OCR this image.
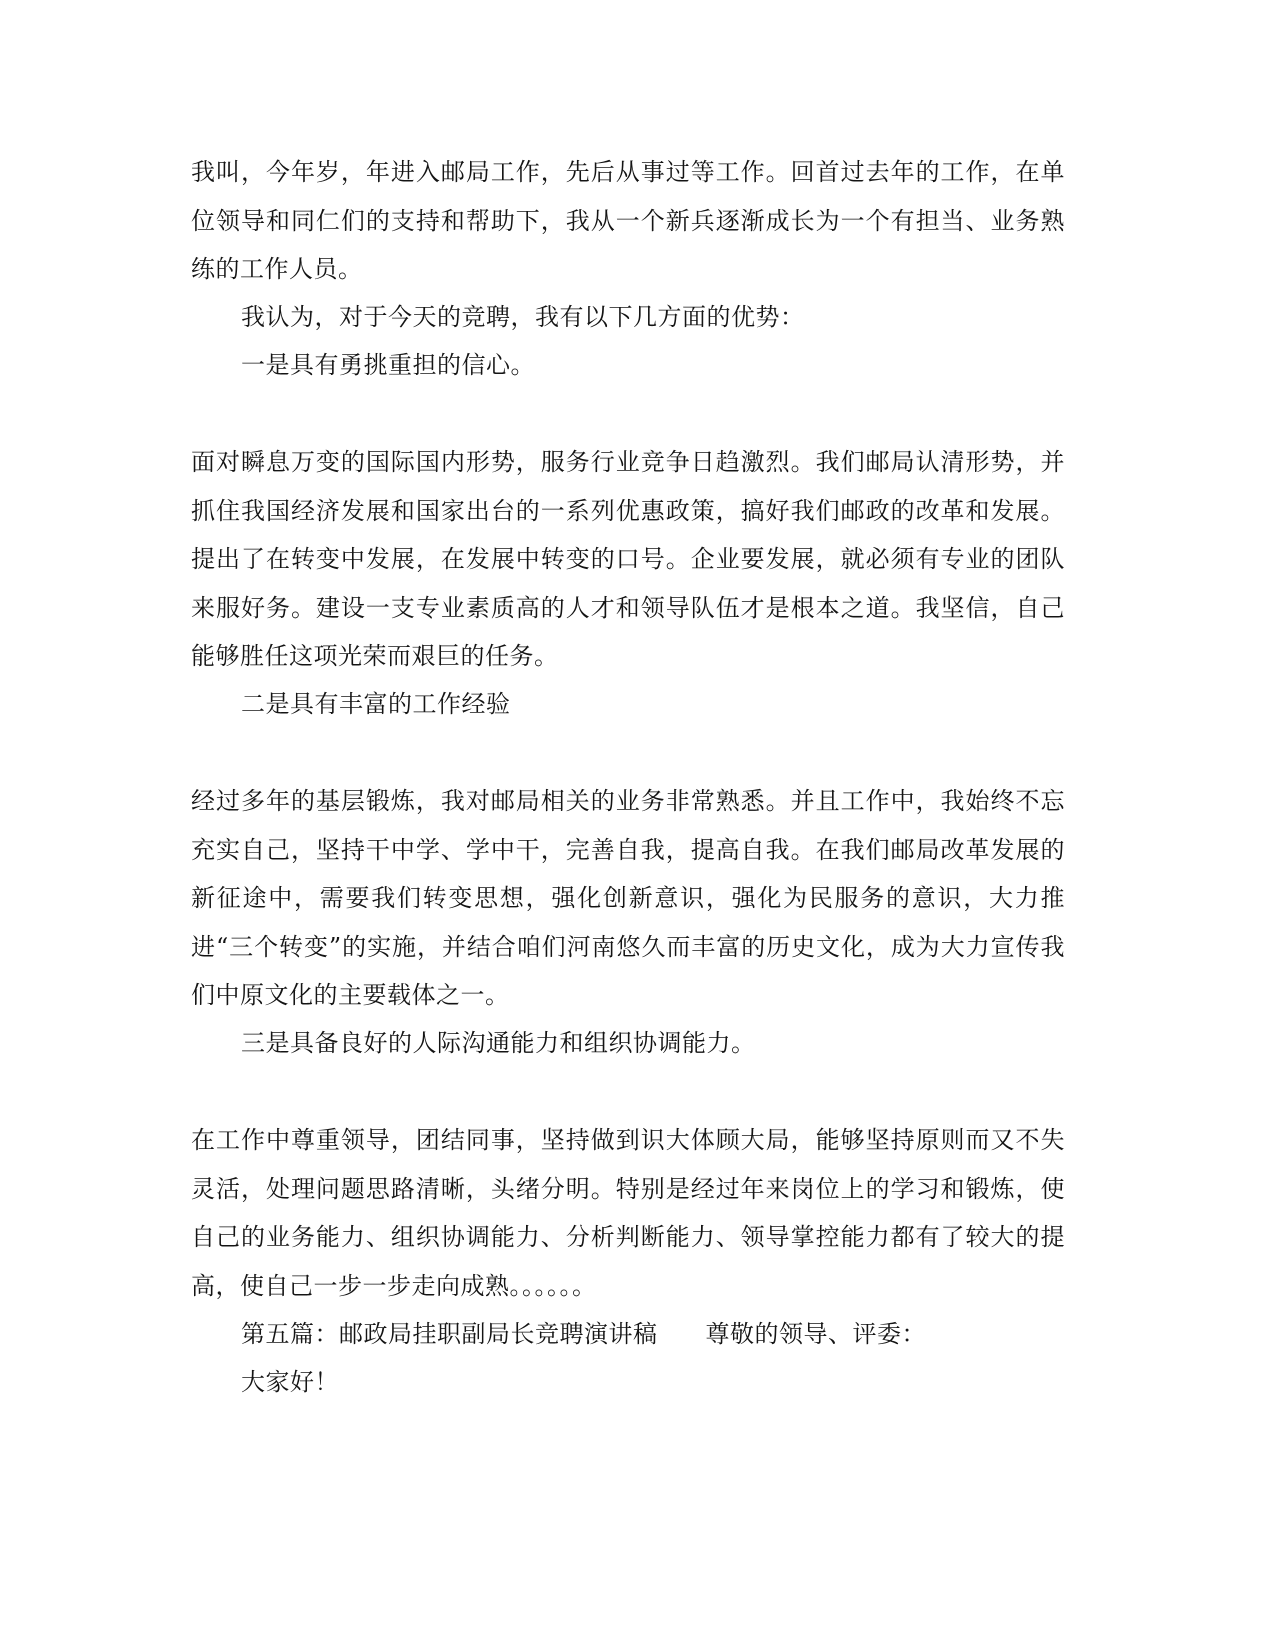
我叫，今年岁，年进入邮局工作，先后从事过等工作。回首过去年的工作，在单位领导和同仁们的支持和帮助下，我从一个新兵逐渐成长为一个有担当、业务熟练的工作人员。

我认为，对于今天的竞聘，我有以下几方面的优势：

一是具有勇挑重担的信心。

面对瞬息万变的国际国内形势，服务行业竞争日趋激烈。我们邮局认清形势，并抓住我国经济发展和国家出台的一系列优惠政策，搞好我们邮政的改革和发展。提出了在转变中发展，在发展中转变的口号。企业要发展，就必须有专业的团队来服好务。建设一支专业素质高的人才和领导队伍才是根本之道。我坚信，自己能够胜任这项光荣而艰巨的任务。

二是具有丰富的工作经验

经过多年的基层锻炼，我对邮局相关的业务非常熟悉。并且工作中，我始终不忘充实自己，坚持干中学、学中干，完善自我，提高自我。在我们邮局改革发展的新征途中，需要我们转变思想，强化创新意识，强化为民服务的意识，大力推进“三个转变”的实施，并结合咱们河南悠久而丰富的历史文化，成为大力宣传我们中原文化的主要载体之一。

三是具备良好的人际沟通能力和组织协调能力。

在工作中尊重领导，团结同事，坚持做到识大体顾大局，能够坚持原则而又不失灵活，处理问题思路清晰，头绪分明。特别是经过年来岗位上的学习和锻炼，使自己的业务能力、组织协调能力、分析判断能力、领导掌控能力都有了较大的提高，使自己一步一步走向成熟。。。。。。

第五篇：邮政局挂职副局长竞聘演讲稿 尊敬的领导、评委：

大家好！
